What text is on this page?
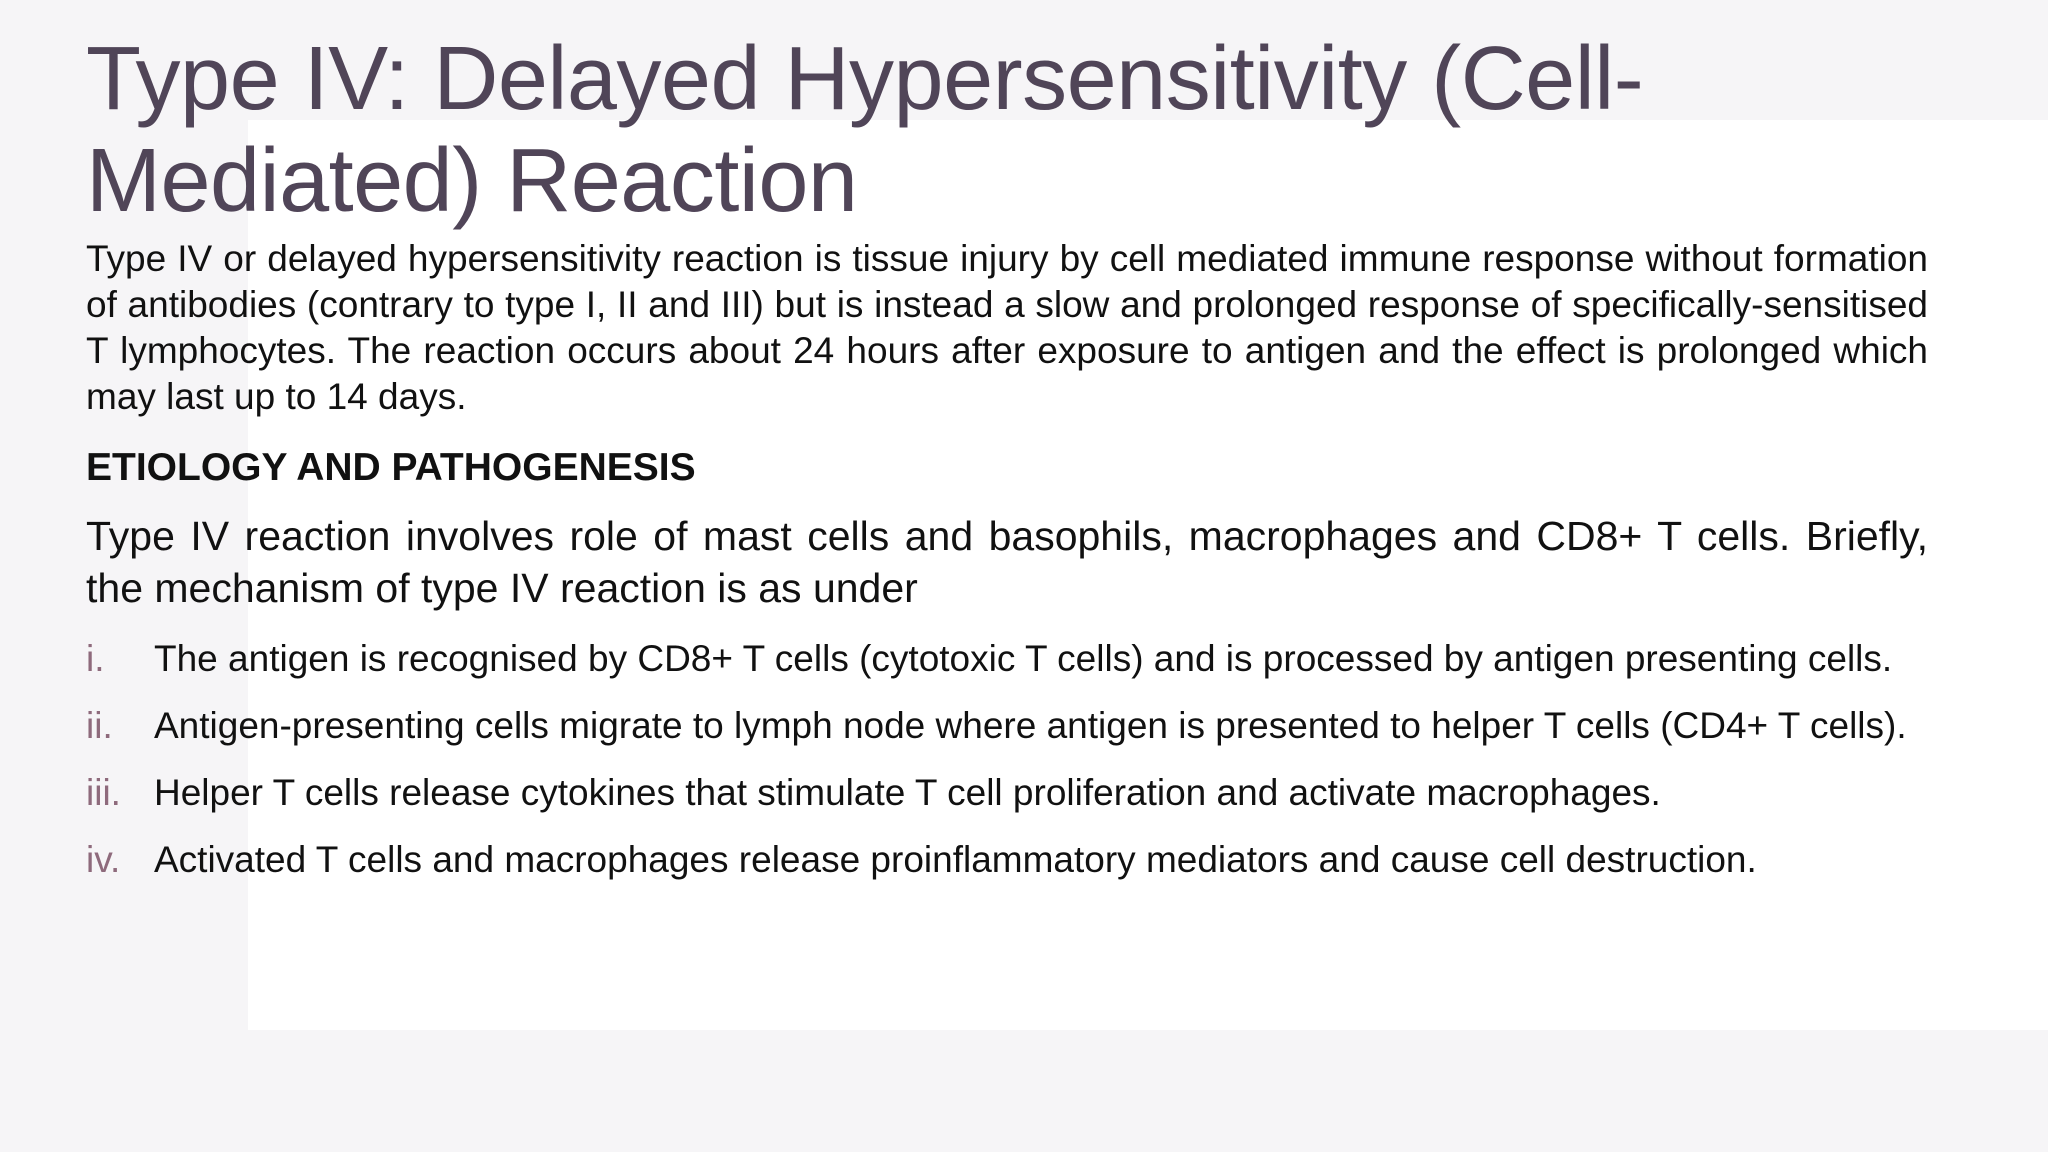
Type IV: Delayed Hypersensitivity (Cell-Mediated) Reaction

Type IV or delayed hypersensitivity reaction is tissue injury by cell mediated immune response without formation of antibodies (contrary to type I, II and III) but is instead a slow and prolonged response of specifically-sensitised T lymphocytes. The reaction occurs about 24 hours after exposure to antigen and the effect is prolonged which may last up to 14 days.

ETIOLOGY AND PATHOGENESIS

Type IV reaction involves role of mast cells and basophils, macrophages and CD8+ T cells. Briefly, the mechanism of type IV reaction is as under

i.	The antigen is recognised by CD8+ T cells (cytotoxic T cells) and is processed by antigen presenting cells.
ii.	Antigen-presenting cells migrate to lymph node where antigen is presented to helper T cells (CD4+ T cells).
iii. Helper T cells release cytokines that stimulate T cell proliferation and activate macrophages.
iv. Activated T cells and macrophages release proinflammatory mediators and cause cell destruction.
